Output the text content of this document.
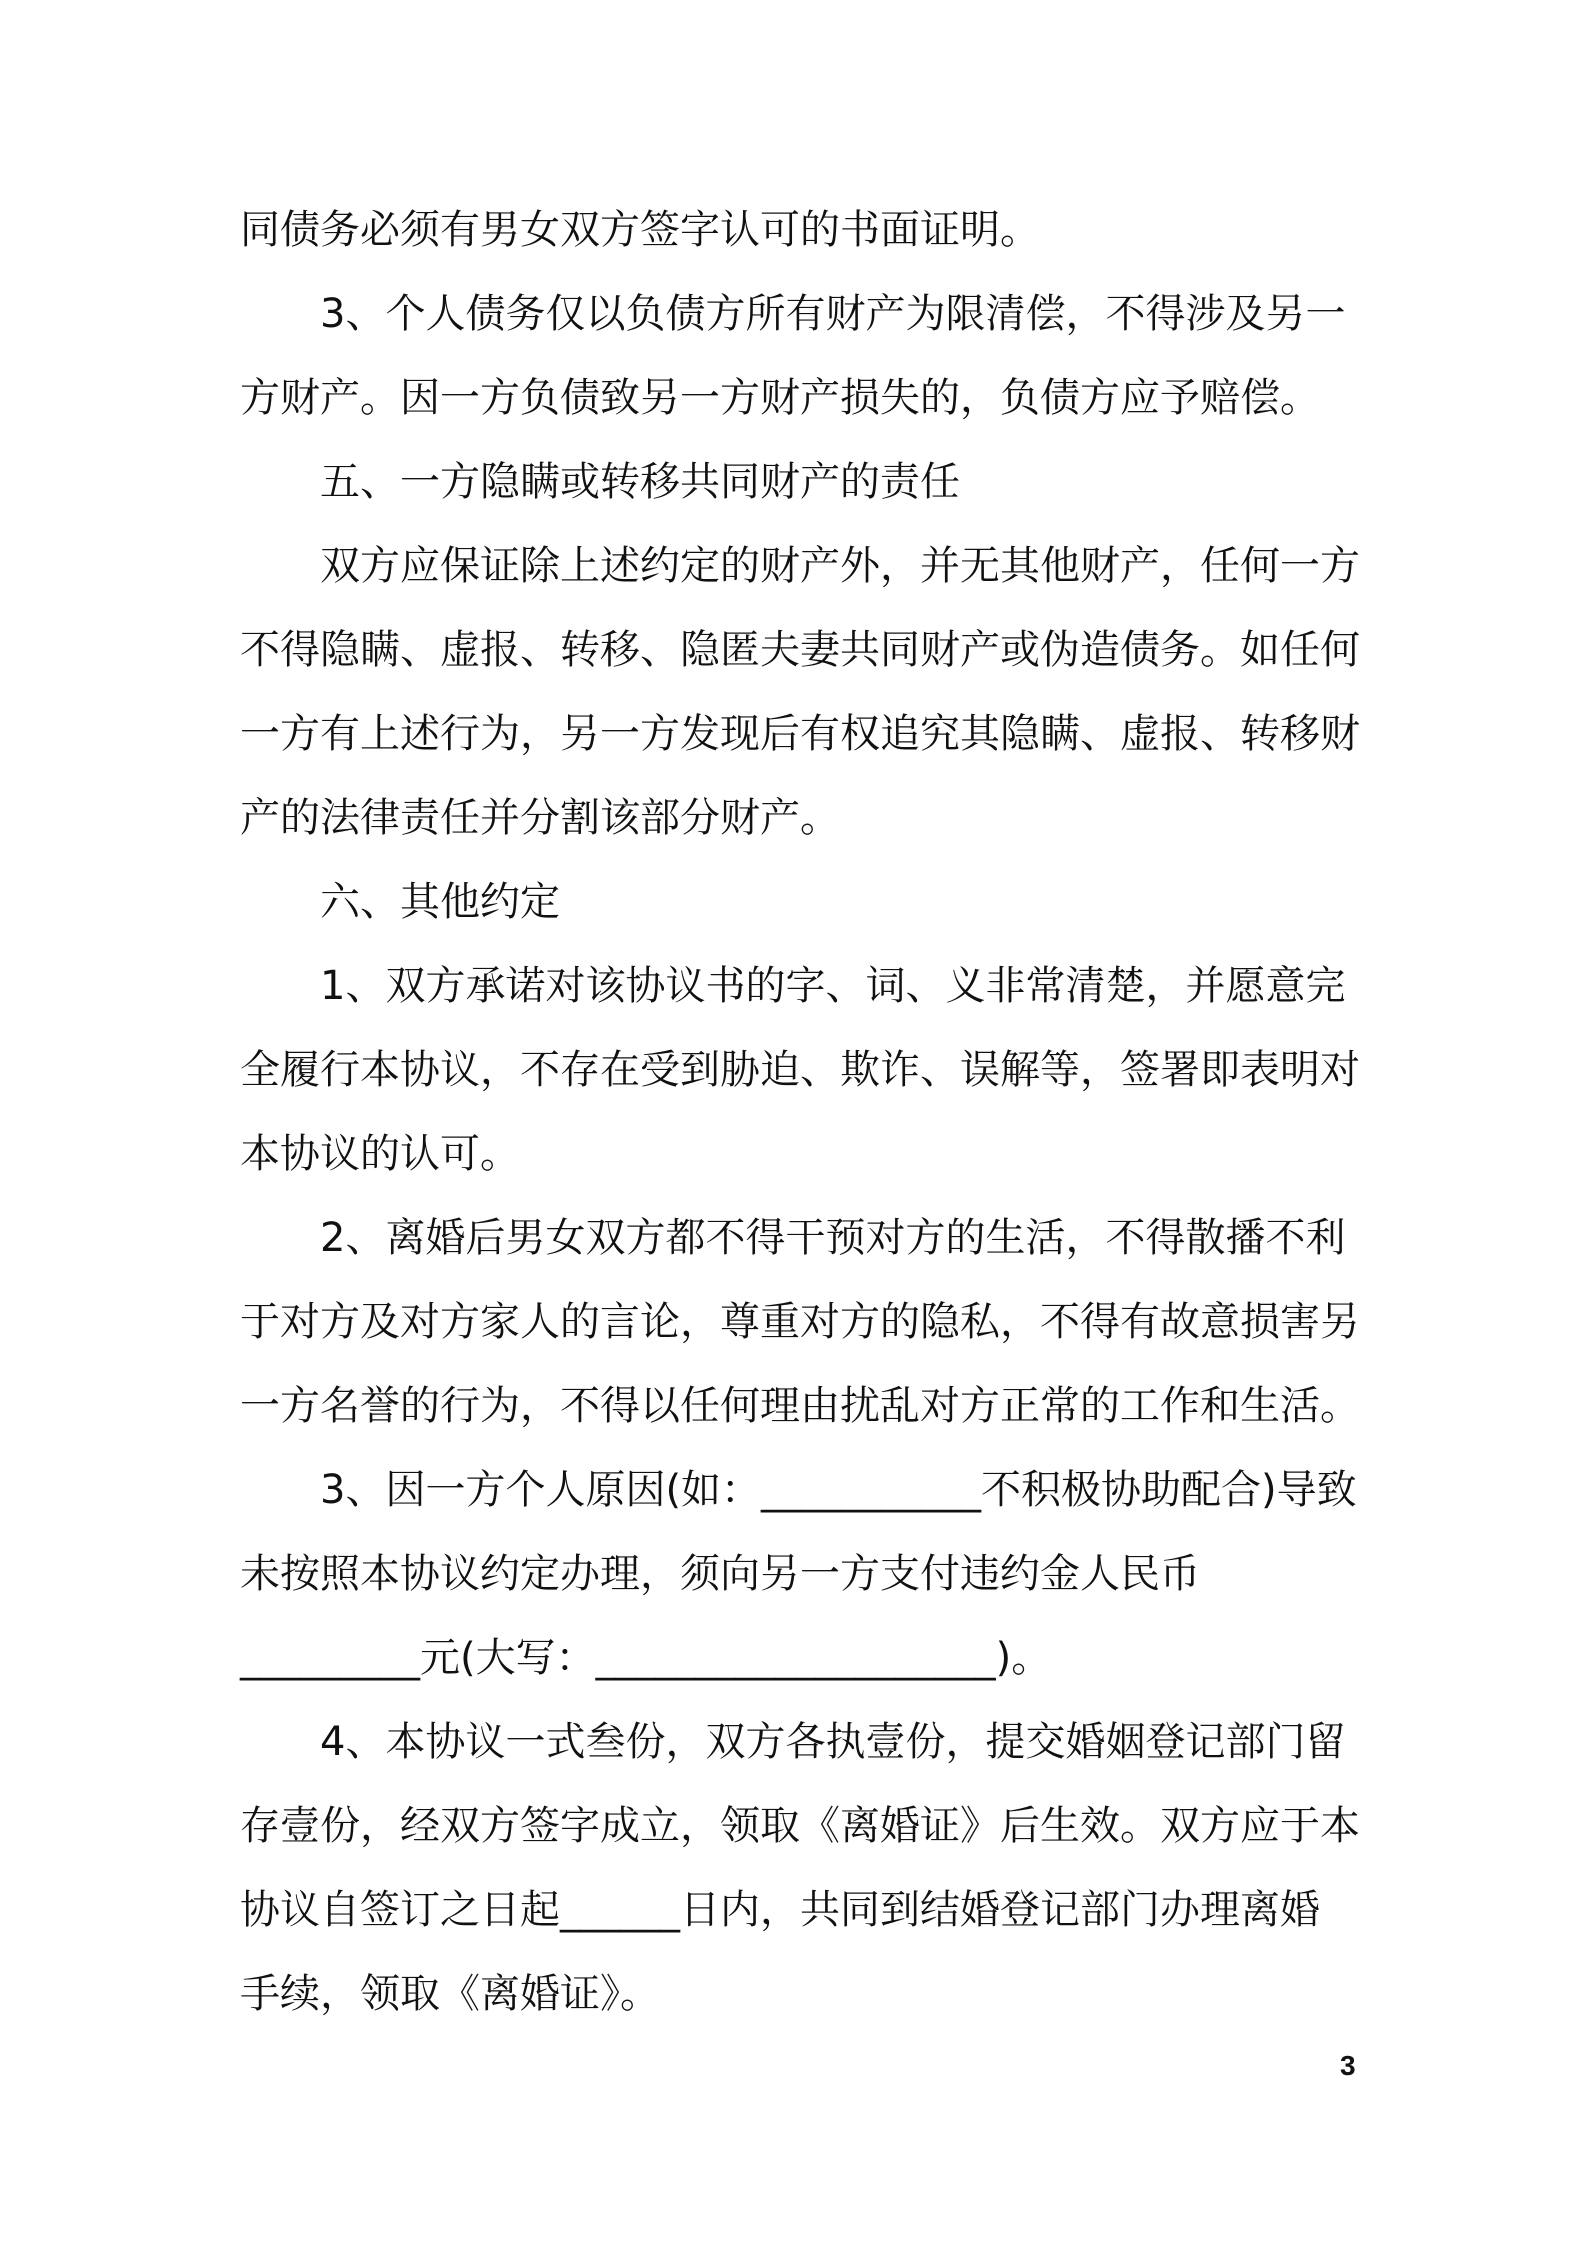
同债务必须有男女双方签字认可的书面证明。
3、个人债务仅以负债方所有财产为限清偿，不得涉及另一
方财产。因一方负债致另一方财产损失的，负债方应予赔偿。
五、一方隐瞒或转移共同财产的责任
双方应保证除上述约定的财产外，并无其他财产，任何一方
不得隐瞒、虚报、转移、隐匿夫妻共同财产或伪造债务。如任何
一方有上述行为，另一方发现后有权追究其隐瞒、虚报、转移财
产的法律责任并分割该部分财产。
六、其他约定
1、双方承诺对该协议书的字、词、义非常清楚，并愿意完
全履行本协议，不存在受到胁迫、欺诈、误解等，签署即表明对
本协议的认可。
2、离婚后男女双方都不得干预对方的生活，不得散播不利
于对方及对方家人的言论，尊重对方的隐私，不得有故意损害另
一方名誉的行为，不得以任何理由扰乱对方正常的工作和生活。
3、因一方个人原因(如：___________不积极协助配合)导致
未按照本协议约定办理，须向另一方支付违约金人民币
_________元(大写：____________________)。
4、本协议一式叁份，双方各执壹份，提交婚姻登记部门留
存壹份，经双方签字成立，领取《离婚证》后生效。双方应于本
协议自签订之日起______日内，共同到结婚登记部门办理离婚
手续，领取《离婚证》。
3
